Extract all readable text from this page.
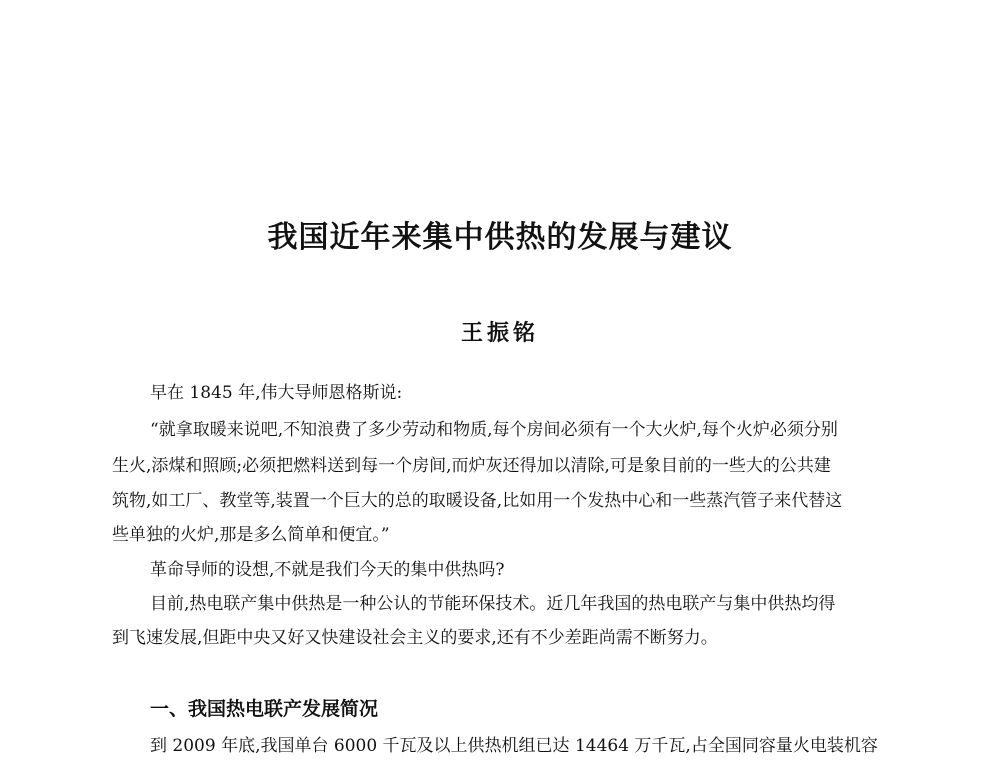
我国近年来集中供热的发展与建议
王振铭

早在 1845 年,伟大导师恩格斯说:

“就拿取暖来说吧,不知浪费了多少劳动和物质,每个房间必须有一个大火炉,每个火炉必须分别

生火,添煤和照顾;必须把燃料送到每一个房间,而炉灰还得加以清除,可是象目前的一些大的公共建

筑物,如工厂、教堂等,装置一个巨大的总的取暖设备,比如用一个发热中心和一些蒸汽管子来代替这

些单独的火炉,那是多么简单和便宜。”

革命导师的设想,不就是我们今天的集中供热吗?

目前,热电联产集中供热是一种公认的节能环保技术。近几年我国的热电联产与集中供热均得

到飞速发展,但距中央又好又快建设社会主义的要求,还有不少差距尚需不断努力。

一、我国热电联产发展简况

到 2009 年底,我国单台 6000 千瓦及以上供热机组已达 14464 万千瓦,占全国同容量火电装机容
